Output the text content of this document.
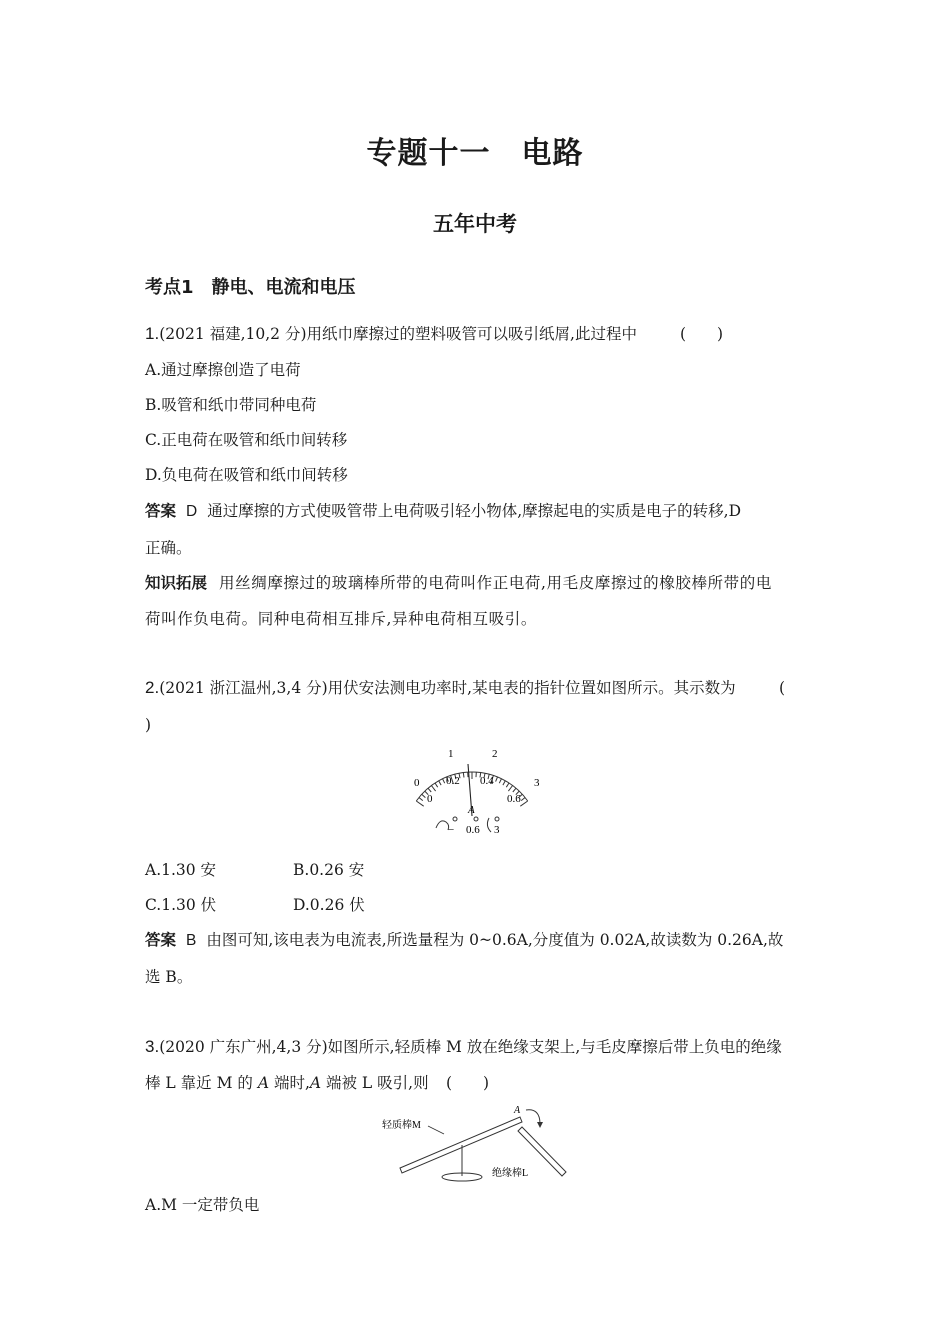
专题十一　电路
五年中考
考点1　静电、电流和电压
1.(2021 福建,10,2 分)用纸巾摩擦过的塑料吸管可以吸引纸屑,此过程中	(　　)
A.通过摩擦创造了电荷
B.吸管和纸巾带同种电荷
C.正电荷在吸管和纸巾间转移
D.负电荷在吸管和纸巾间转移
答案 D 通过摩擦的方式使吸管带上电荷吸引轻小物体,摩擦起电的实质是电子的转移,D
正确。
知识拓展 用丝绸摩擦过的玻璃棒所带的电荷叫作正电荷,用毛皮摩擦过的橡胶棒所带的电
荷叫作负电荷。同种电荷相互排斥,异种电荷相互吸引。
2.(2021 浙江温州,3,4 分)用伏安法测电功率时,某电表的指针位置如图所示。其示数为	(
)
0
1	2
3
0
0.2 0.4
0.6
A
− 0.6 3
A.1.30 安	B.0.26 安
C.1.30 伏	D.0.26 伏
答案 B 由图可知,该电表为电流表,所选量程为 0~0.6A,分度值为 0.02A,故读数为 0.26A,故
选 B。
3.(2020 广东广州,4,3 分)如图所示,轻质棒 M 放在绝缘支架上,与毛皮摩擦后带上负电的绝缘
棒 L 靠近 M 的 A 端时,A 端被 L 吸引,则 (　　)
轻质棒M
绝缘棒L
A
A.M 一定带负电
